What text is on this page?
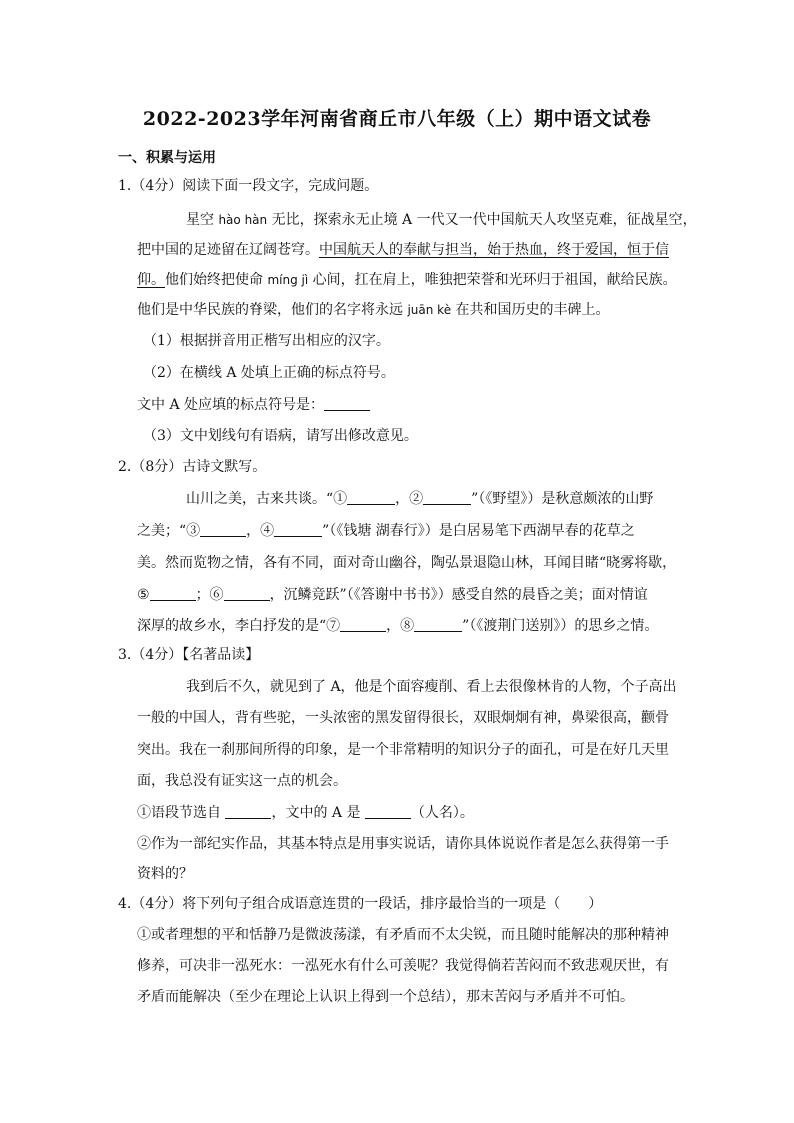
2022-2023学年河南省商丘市八年级（上）期中语文试卷
一、积累与运用
1.（4分）阅读下面一段文字，完成问题。
星空 hào hàn 无比，探索永无止境 A 一代又一代中国航天人攻坚克难，征战星空，
把中国的足迹留在辽阔苍穹。中国航天人的奉献与担当，始于热血，终于爱国，恒于信
仰。他们始终把使命 míng jì 心间，扛在肩上，唯独把荣誉和光环归于祖国，献给民族。
他们是中华民族的脊梁，他们的名字将永远 juān kè 在共和国历史的丰碑上。
（1）根据拼音用正楷写出相应的汉字。
（2）在横线 A 处填上正确的标点符号。
文中 A 处应填的标点符号是：
（3）文中划线句有语病，请写出修改意见。
2.（8分）古诗文默写。
山川之美，古来共谈。“①	，②	”（《野望》）是秋意颇浓的山野
之美；“③	，④	”（《钱塘 湖春行》）是白居易笔下西湖早春的花草之
美。然而览物之情，各有不同，面对奇山幽谷，陶弘景退隐山林，耳闻目睹“晓雾将歇，
⑤	；⑥	，沉鳞竞跃”（《答谢中书书》）感受自然的晨昏之美；面对情谊
深厚的故乡水，李白抒发的是“⑦	，⑧	”（《渡荆门送别》）的思乡之情。
3.（4分）【名著品读】
我到后不久，就见到了 A，他是个面容瘦削、看上去很像林肯的人物，个子高出
一般的中国人，背有些驼，一头浓密的黑发留得很长，双眼炯炯有神，鼻梁很高，颧骨
突出。我在一刹那间所得的印象，是一个非常精明的知识分子的面孔，可是在好几天里
面，我总没有证实这一点的机会。
①语段节选自	，文中的 A 是	（人名）。
②作为一部纪实作品，其基本特点是用事实说话，请你具体说说作者是怎么获得第一手
资料的？
4.（4分）将下列句子组合成语意连贯的一段话，排序最恰当的一项是（　　）
①或者理想的平和恬静乃是微波荡漾，有矛盾而不太尖锐，而且随时能解决的那种精神
修养，可决非一泓死水：一泓死水有什么可羡呢？我觉得倘若苦闷而不致悲观厌世，有
矛盾而能解决（至少在理论上认识上得到一个总结），那末苦闷与矛盾并不可怕。
